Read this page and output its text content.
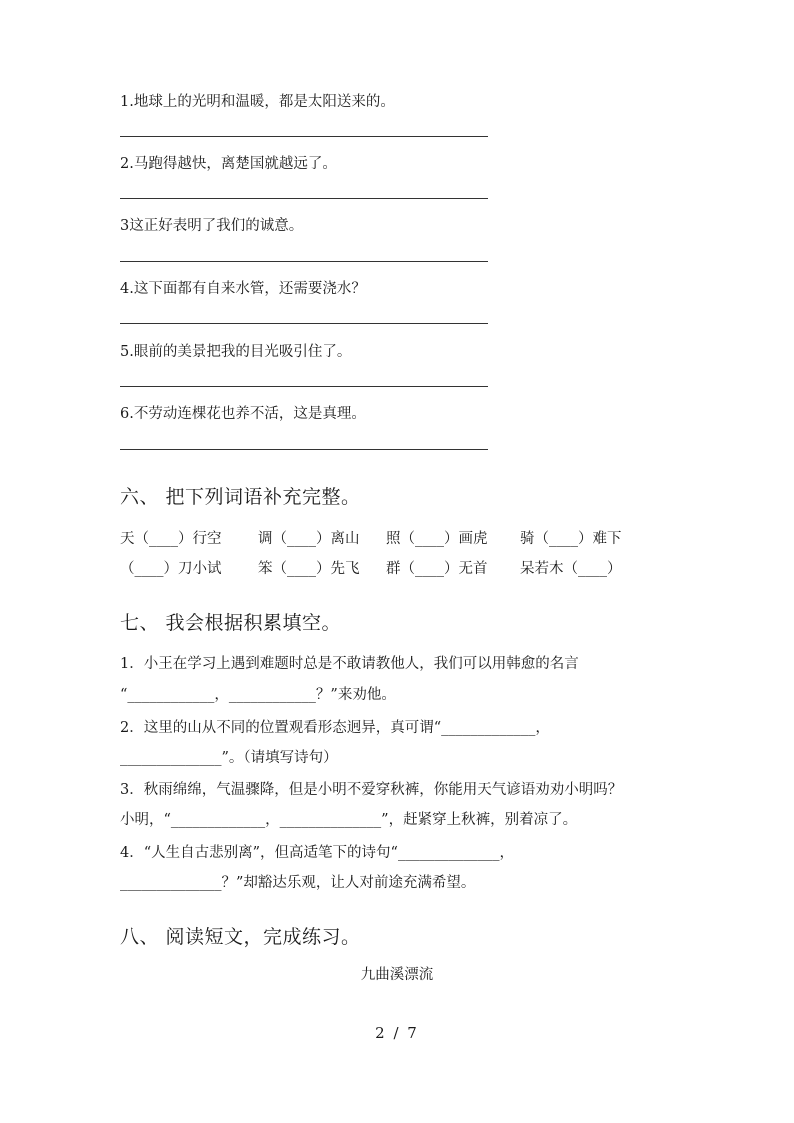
1.地球上的光明和温暖，都是太阳送来的。
2.马跑得越快，离楚国就越远了。
3这正好表明了我们的诚意。
4.这下面都有自来水管，还需要浇水？
5.眼前的美景把我的目光吸引住了。
6.不劳动连棵花也养不活，这是真理。
六、 把下列词语补充完整。
天（____）行空	调（____）离山 照（____）画虎 骑（____）难下
（____）刀小试	笨（____）先飞 群（____）无首 呆若木（____）
七、 我会根据积累填空。
1．小王在学习上遇到难题时总是不敢请教他人，我们可以用韩愈的名言
“____________，____________？”来劝他。
2．这里的山从不同的位置观看形态迥异，真可谓“_____________，
______________”。（请填写诗句）
3．秋雨绵绵，气温骤降，但是小明不爱穿秋裤，你能用天气谚语劝劝小明吗？
小明，“_____________，______________”，赶紧穿上秋裤，别着凉了。
4．“人生自古悲别离”，但高适笔下的诗句“______________，
______________？”却豁达乐观，让人对前途充满希望。
八、 阅读短文，完成练习。
九曲溪漂流
2 / 7
